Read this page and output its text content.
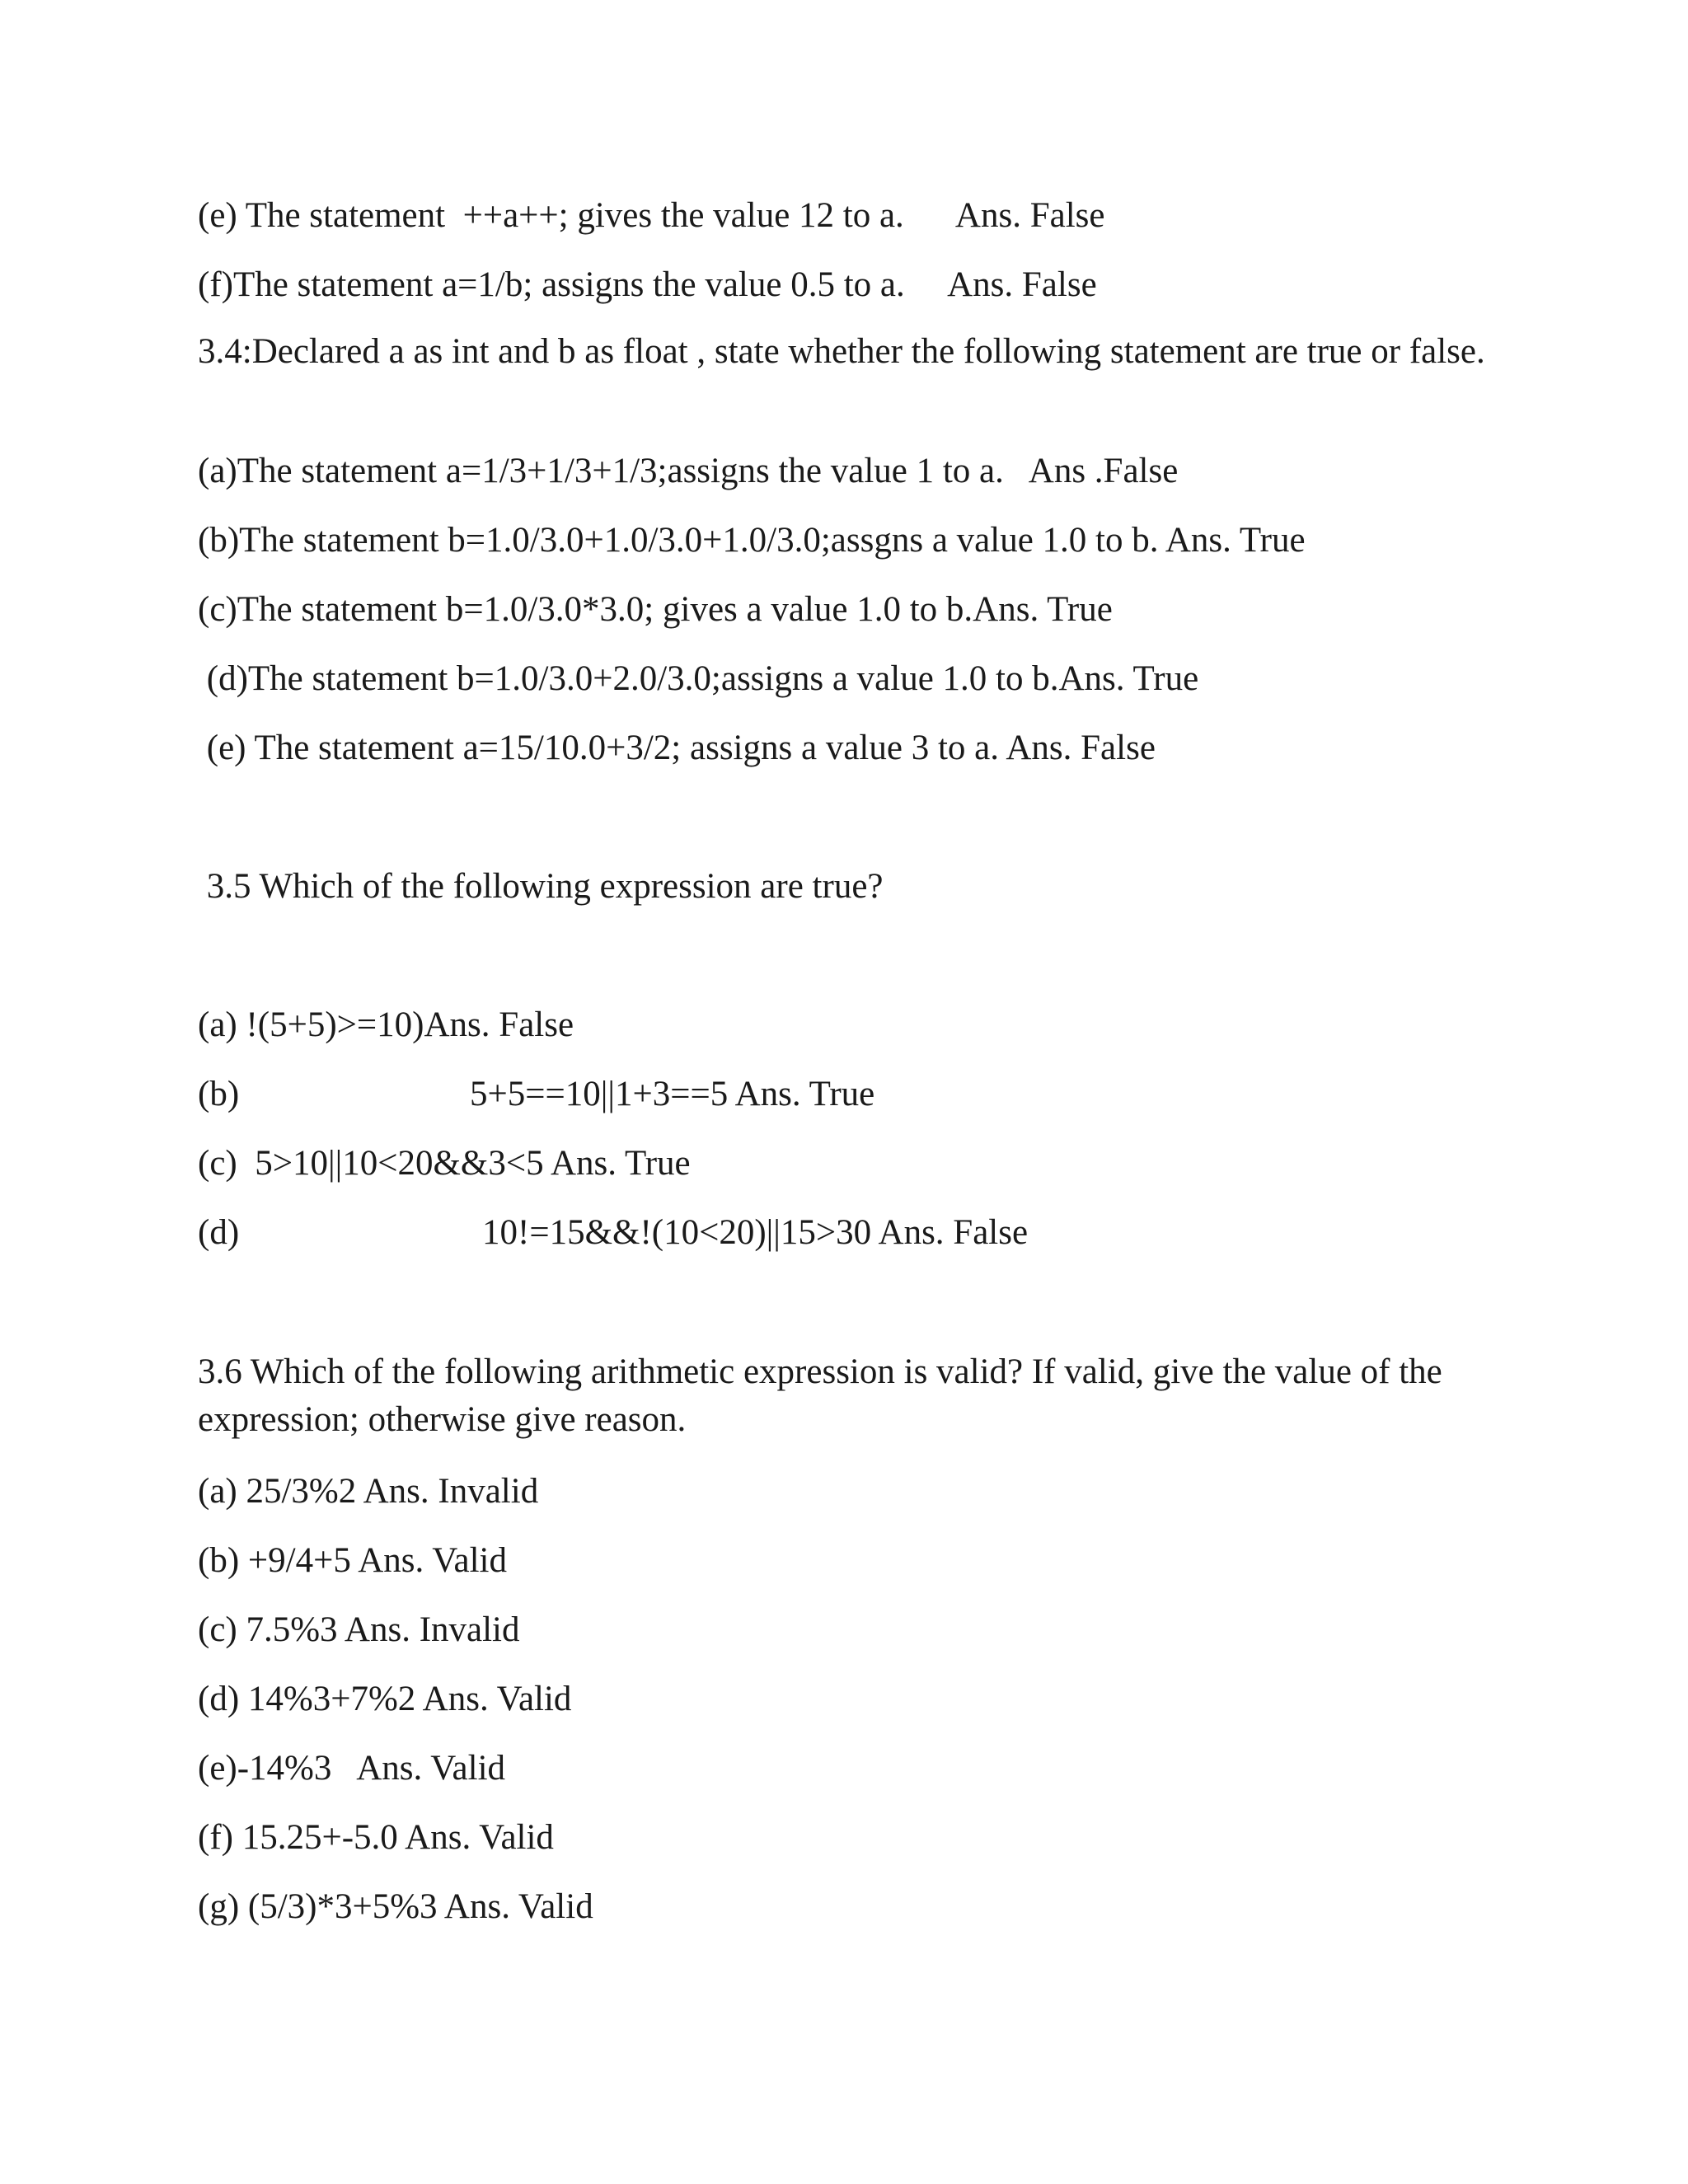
(e) The statement  ++a++; gives the value 12 to a.      Ans. False
(f)The statement a=1/b; assigns the value 0.5 to a.     Ans. False
3.4:Declared a as int and b as float , state whether the following statement are true or false.
(a)The statement a=1/3+1/3+1/3;assigns the value 1 to a.   Ans .False
(b)The statement b=1.0/3.0+1.0/3.0+1.0/3.0;assgns a value 1.0 to b. Ans. True
(c)The statement b=1.0/3.0*3.0; gives a value 1.0 to b.Ans. True
(d)The statement b=1.0/3.0+2.0/3.0;assigns a value 1.0 to b.Ans. True
(e) The statement a=15/10.0+3/2; assigns a value 3 to a. Ans. False
3.5 Which of the following expression are true?
(a) !(5+5)>=10)Ans. False
(b)	5+5==10||1+3==5 Ans. True
(c)  5>10||10<20&&3<5 Ans. True
(d)	10!=15&&!(10<20)||15>30 Ans. False
3.6 Which of the following arithmetic expression is valid? If valid, give the value of the expression; otherwise give reason.
(a) 25/3%2 Ans. Invalid
(b) +9/4+5 Ans. Valid
(c) 7.5%3 Ans. Invalid
(d) 14%3+7%2 Ans. Valid
(e)-14%3   Ans. Valid
(f) 15.25+-5.0 Ans. Valid
(g) (5/3)*3+5%3 Ans. Valid
